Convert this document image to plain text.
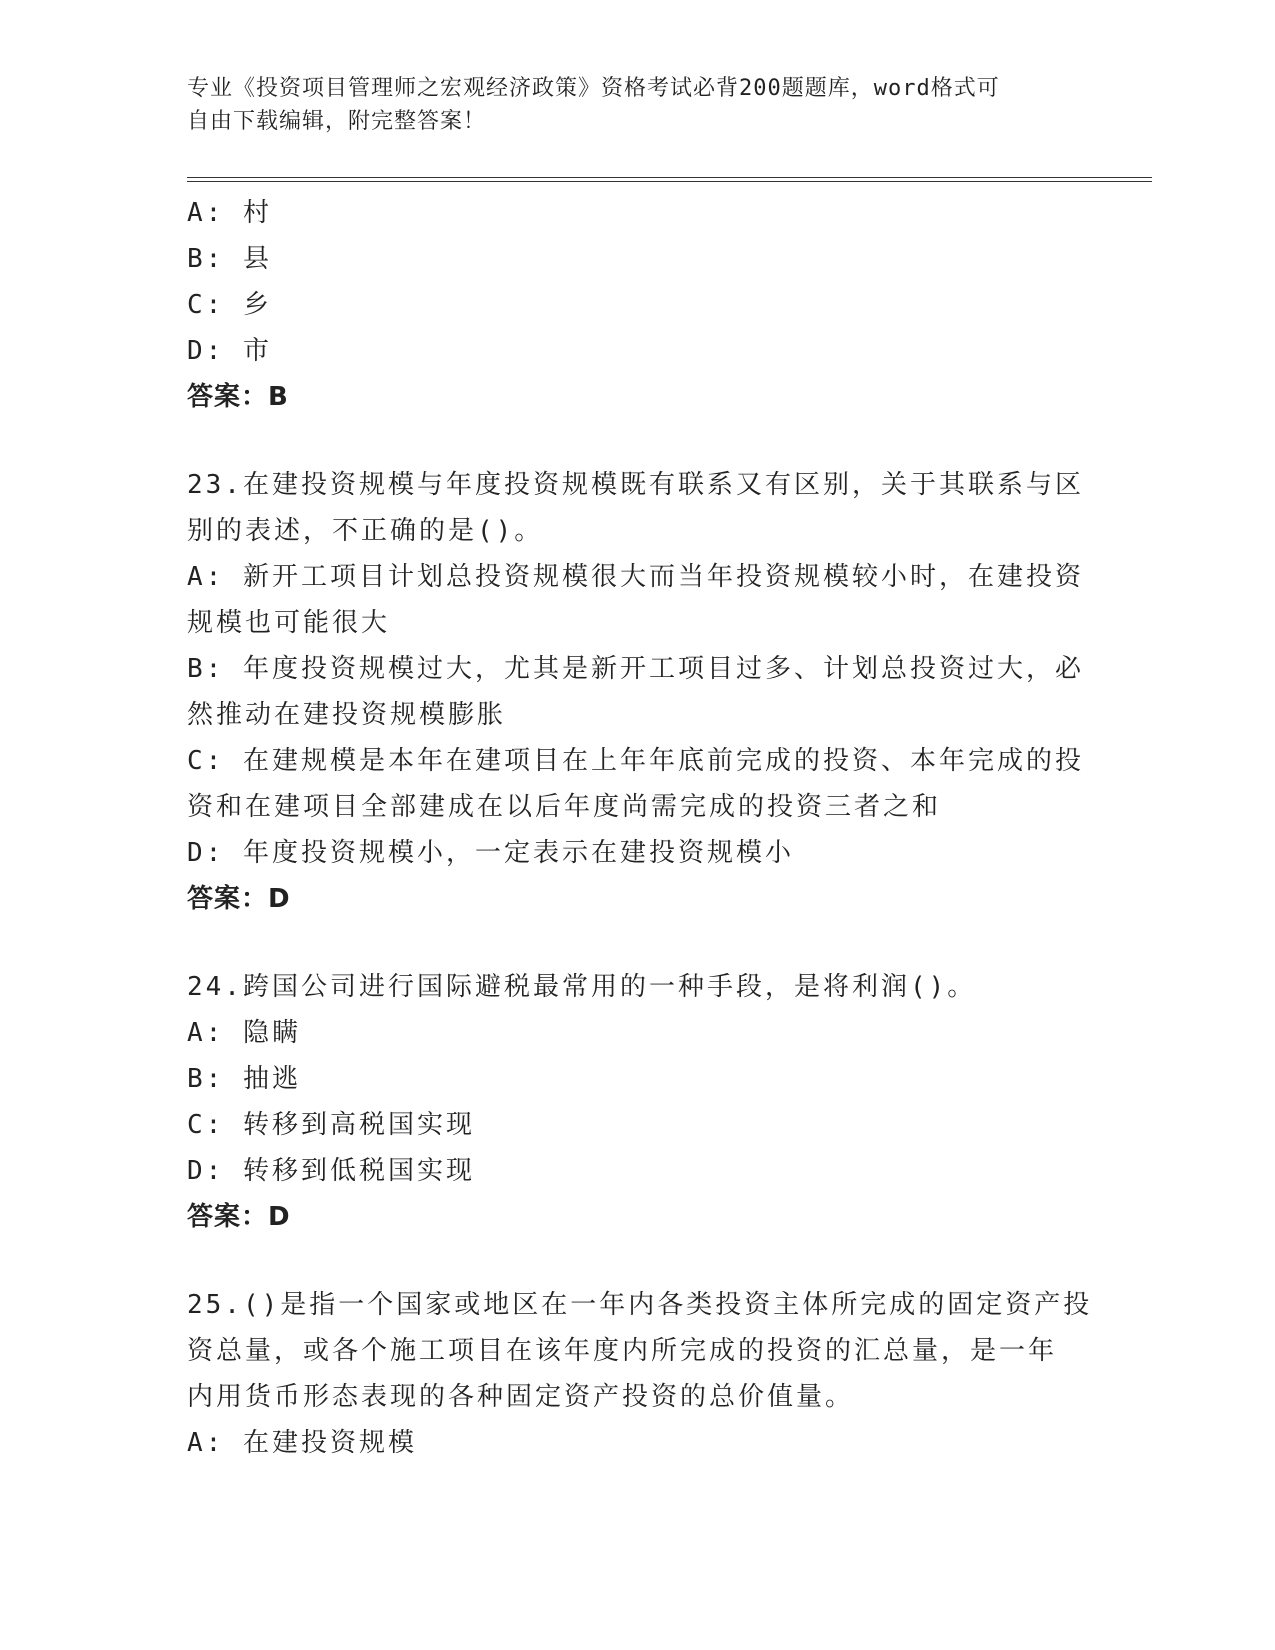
专业《投资项目管理师之宏观经济政策》资格考试必背200题题库，word格式可
自由下载编辑，附完整答案！
A: 村
B: 县
C: 乡
D: 市
答案：B
23.在建投资规模与年度投资规模既有联系又有区别，关于其联系与区
别的表述，不正确的是()。
A: 新开工项目计划总投资规模很大而当年投资规模较小时，在建投资
规模也可能很大
B: 年度投资规模过大，尤其是新开工项目过多、计划总投资过大，必
然推动在建投资规模膨胀
C: 在建规模是本年在建项目在上年年底前完成的投资、本年完成的投
资和在建项目全部建成在以后年度尚需完成的投资三者之和
D: 年度投资规模小，一定表示在建投资规模小
答案：D
24.跨国公司进行国际避税最常用的一种手段，是将利润()。
A: 隐瞒
B: 抽逃
C: 转移到高税国实现
D: 转移到低税国实现
答案：D
25.()是指一个国家或地区在一年内各类投资主体所完成的固定资产投
资总量，或各个施工项目在该年度内所完成的投资的汇总量，是一年
内用货币形态表现的各种固定资产投资的总价值量。
A: 在建投资规模
